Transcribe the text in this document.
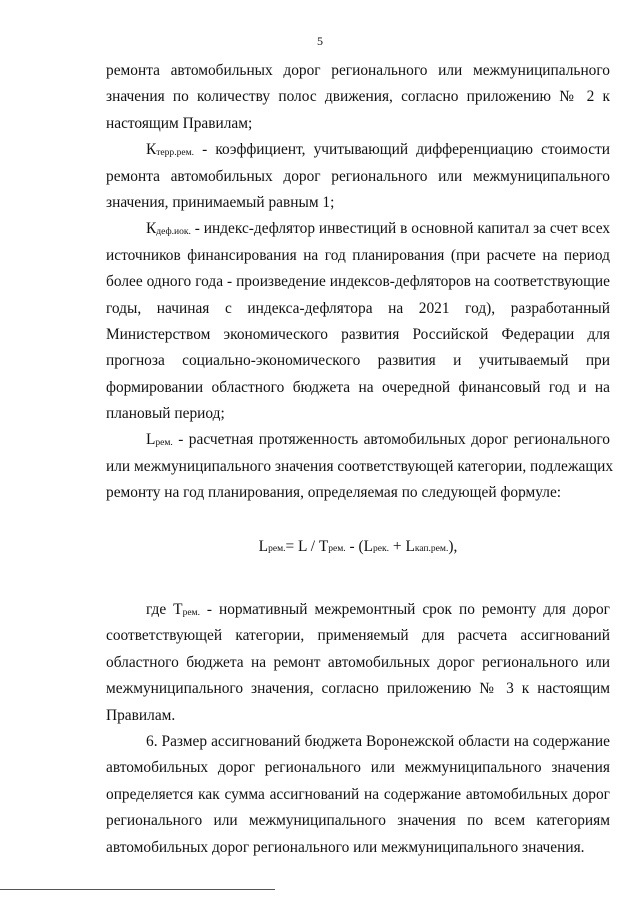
5
ремонта автомобильных дорог регионального или межмуниципального
значения по количеству полос движения, согласно приложению № 2 к
настоящим Правилам;
Ктерр.рем. - коэффициент, учитывающий дифференциацию стоимости
ремонта автомобильных дорог регионального или межмуниципального
значения, принимаемый равным 1;
Кдеф.иок. - индекс-дефлятор инвестиций в основной капитал за счет всех
источников финансирования на год планирования (при расчете на период
более одного года - произведение индексов-дефляторов на соответствующие
годы, начиная с индекса-дефлятора на 2021 год), разработанный
Министерством экономического развития Российской Федерации для
прогноза социально-экономического развития и учитываемый при
формировании областного бюджета на очередной финансовый год и на
плановый период;
Lрем. - расчетная протяженность автомобильных дорог регионального
или межмуниципального значения соответствующей категории, подлежащих
ремонту на год планирования, определяемая по следующей формуле:
Lрем.= L / Трем. - (Lрек. + Lкап.рем.),
где Трем. - нормативный межремонтный срок по ремонту для дорог
соответствующей категории, применяемый для расчета ассигнований
областного бюджета на ремонт автомобильных дорог регионального или
межмуниципального значения, согласно приложению № 3 к настоящим
Правилам.
6. Размер ассигнований бюджета Воронежской области на содержание
автомобильных дорог регионального или межмуниципального значения
определяется как сумма ассигнований на содержание автомобильных дорог
регионального или межмуниципального значения по всем категориям
автомобильных дорог регионального или межмуниципального значения.
